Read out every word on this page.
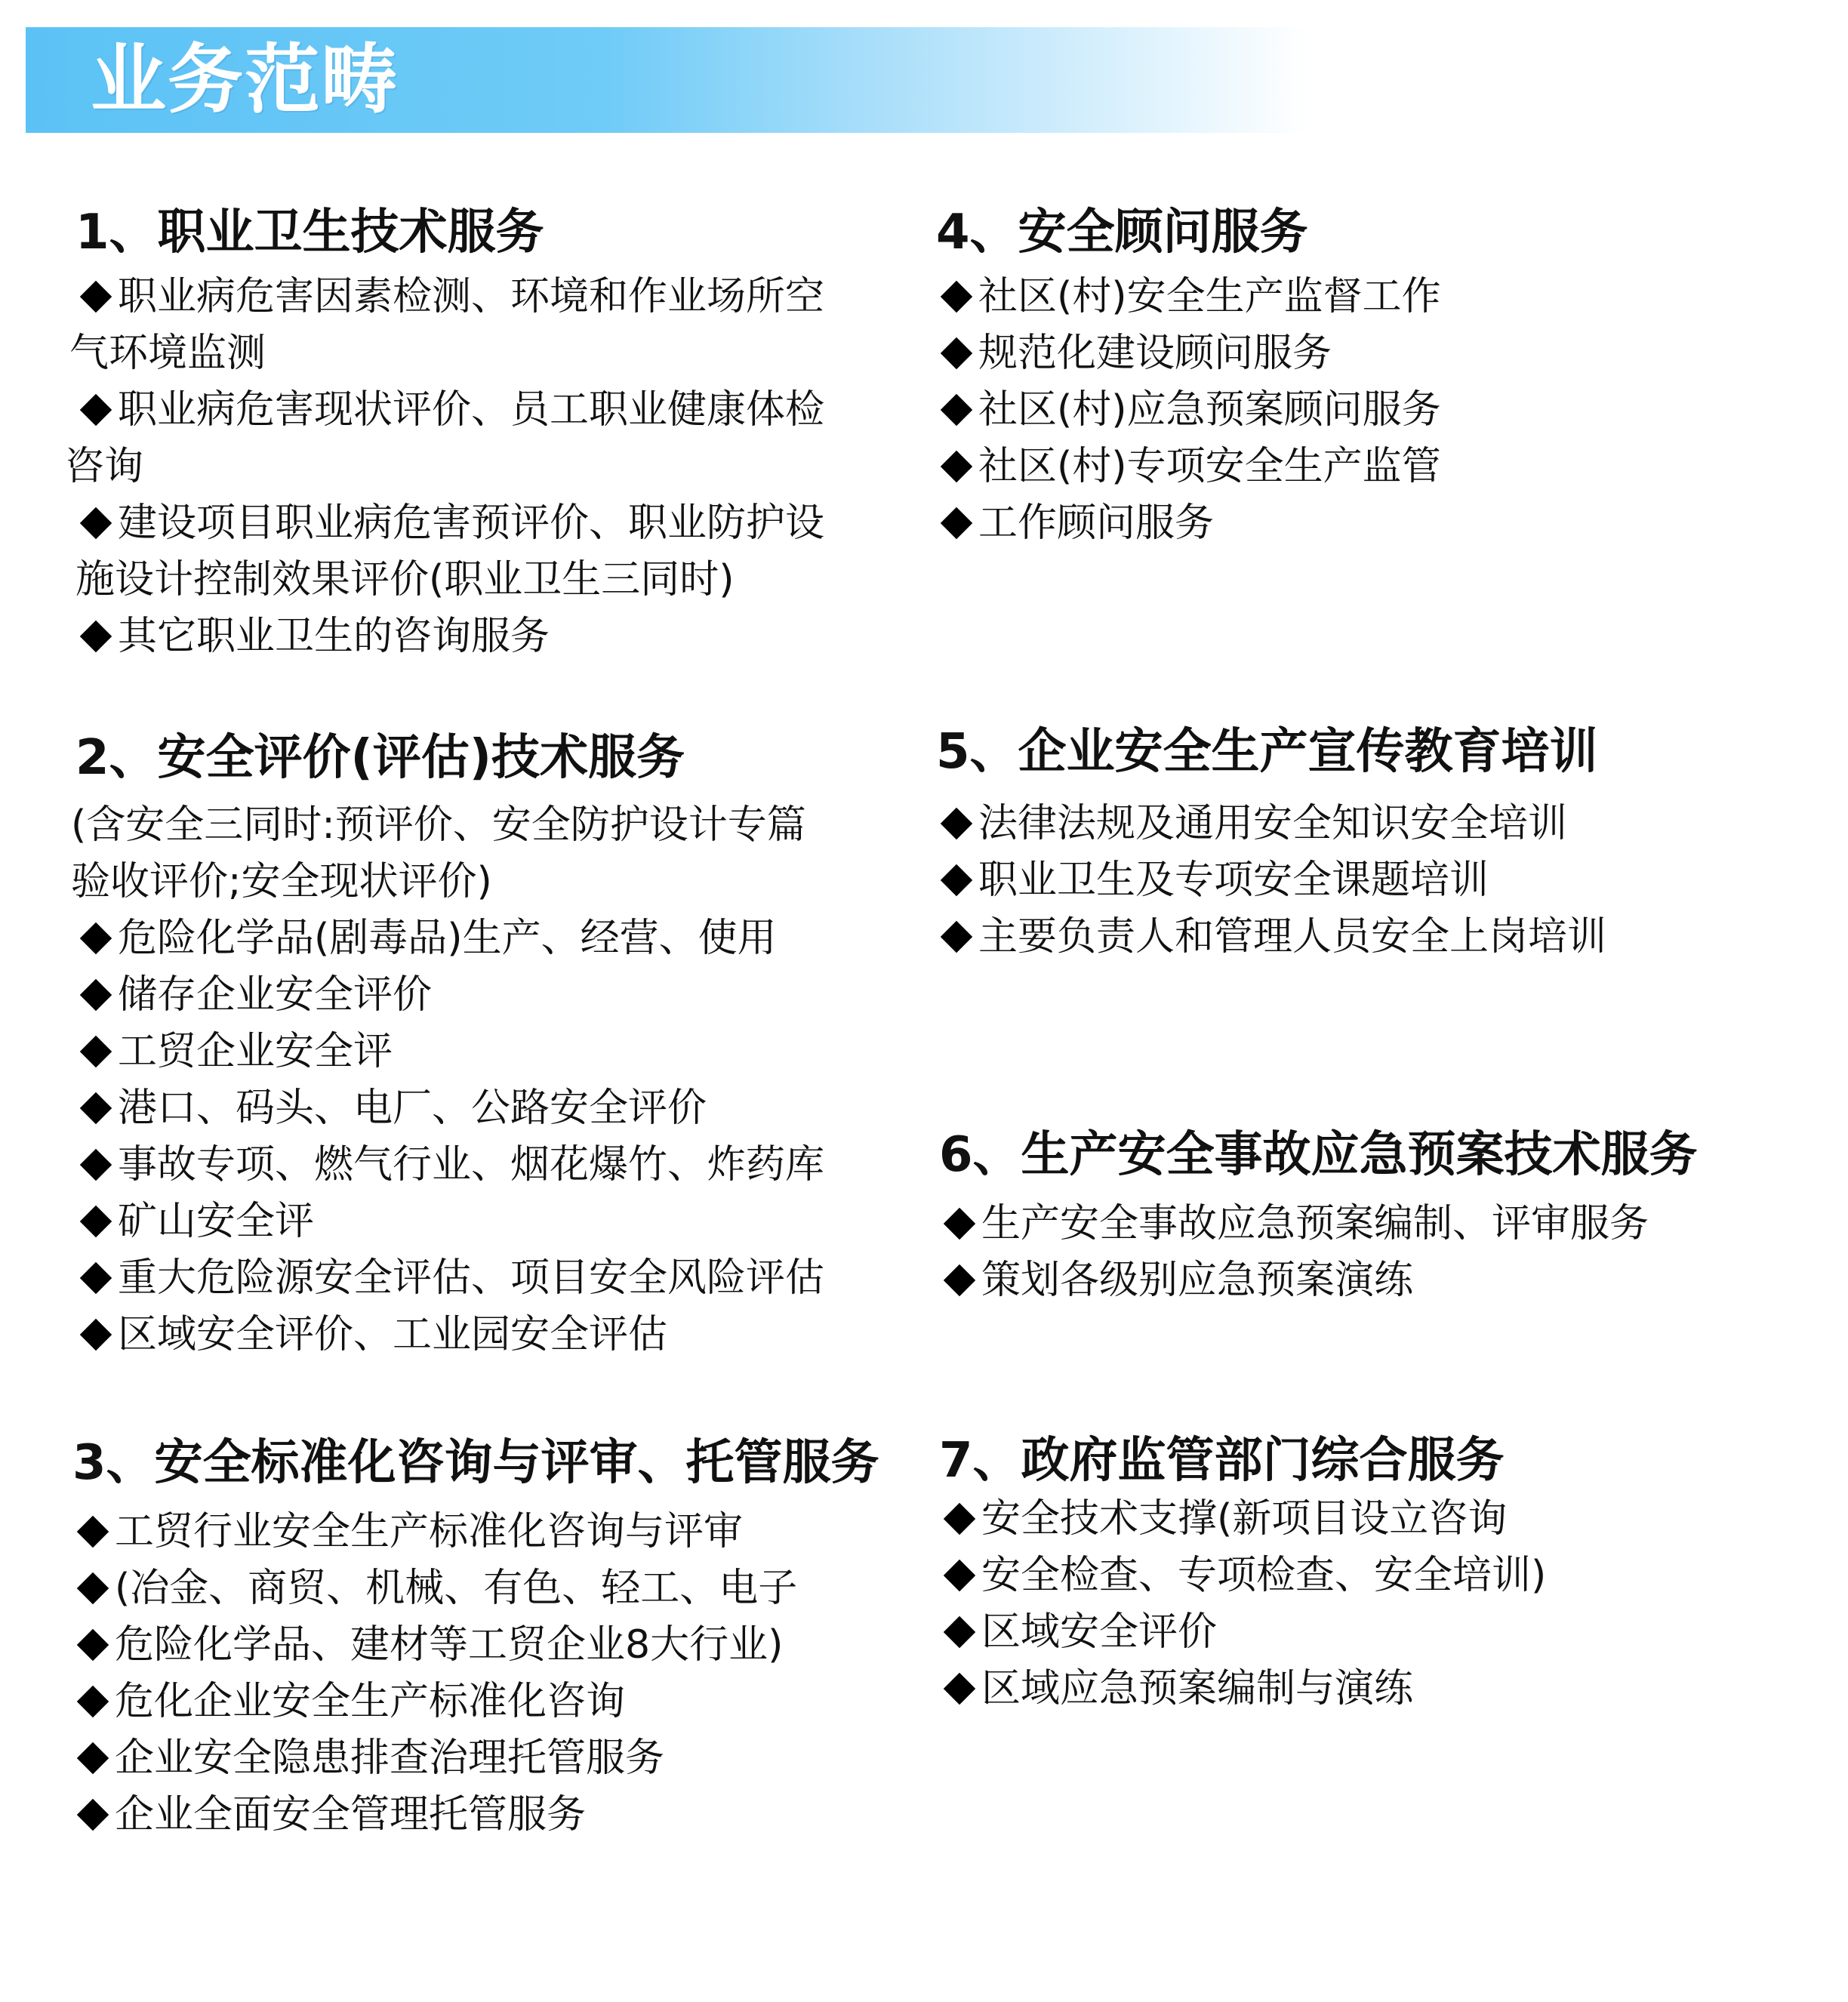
业务范畴
1、职业卫生技术服务
职业病危害因素检测、环境和作业场所空
气环境监测
职业病危害现状评价、员工职业健康体检
咨询
建设项目职业病危害预评价、职业防护设
施设计控制效果评价(职业卫生三同时)
其它职业卫生的咨询服务
2、安全评价(评估)技术服务
(含安全三同时:预评价、安全防护设计专篇
验收评价;安全现状评价)
危险化学品(剧毒品)生产、经营、使用
储存企业安全评价
工贸企业安全评
港口、码头、电厂、公路安全评价
事故专项、燃气行业、烟花爆竹、炸药库
矿山安全评
重大危险源安全评估、项目安全风险评估
区域安全评价、工业园安全评估
3、安全标准化咨询与评审、托管服务
工贸行业安全生产标准化咨询与评审
(冶金、商贸、机械、有色、轻工、电子
危险化学品、建材等工贸企业8大行业)
危化企业安全生产标准化咨询
企业安全隐患排查治理托管服务
企业全面安全管理托管服务
4、安全顾问服务
社区(村)安全生产监督工作
规范化建设顾问服务
社区(村)应急预案顾问服务
社区(村)专项安全生产监管
工作顾问服务
5、企业安全生产宣传教育培训
法律法规及通用安全知识安全培训
职业卫生及专项安全课题培训
主要负责人和管理人员安全上岗培训
6、生产安全事故应急预案技术服务
生产安全事故应急预案编制、评审服务
策划各级别应急预案演练
7、政府监管部门综合服务
安全技术支撑(新项目设立咨询
安全检查、专项检查、安全培训)
区域安全评价
区域应急预案编制与演练
